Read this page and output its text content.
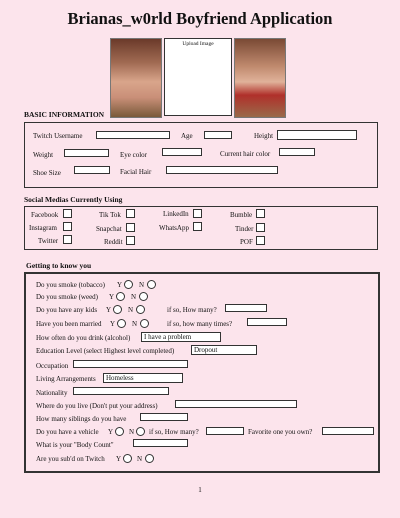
Brianas_w0rld Boyfriend Application
Upload Image
BASIC INFORMATION
Twitch Username	Age	Height
Weight	Eye color	Current hair color
Shoe Size	Facial Hair
Social Medias Currently Using
Facebook	Tik Tok	LinkedIn	Bumble
Instagram	Snapchat	WhatsApp	Tinder
Twitter	Reddit	POF
Getting to know you
Do you smoke (tobacco) Y N
Do you smoke (weed) Y N
Do you have any kids Y N	if so, How many?
Have you been married Y N	if so, how many times?
How often do you drink (alcohol)	I have a problem
Education Level (select Highest level completed)	Dropout
Occupation
Living Arrangements	Homeless
Nationality
Where do you live (Don't put your address)
How many siblings do you have
Do you have a vehicle Y N if so, How many?	Favorite one you own?
What is your "Body Count"
Are you sub'd on Twitch Y N
1
